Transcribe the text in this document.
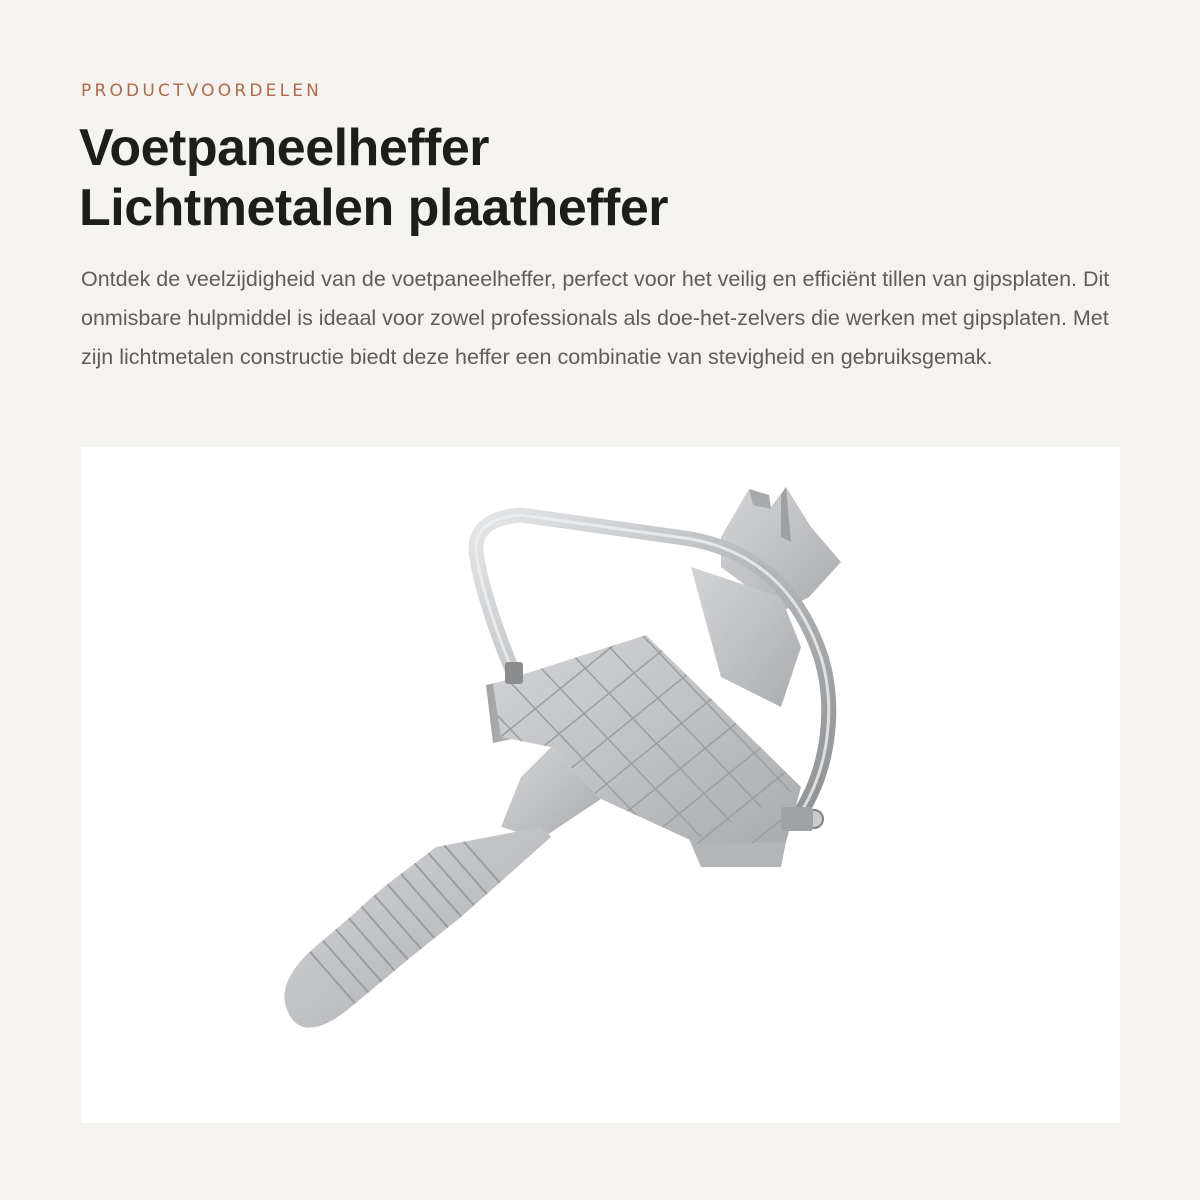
PRODUCTVOORDELEN
Voetpaneelheffer
Lichtmetalen plaatheffer

Ontdek de veelzijdigheid van de voetpaneelheffer, perfect voor het veilig en efficiënt tillen van gipsplaten. Dit onmisbare hulpmiddel is ideaal voor zowel professionals als doe-het-zelvers die werken met gipsplaten. Met zijn lichtmetalen constructie biedt deze heffer een combinatie van stevigheid en gebruiksgemak.
